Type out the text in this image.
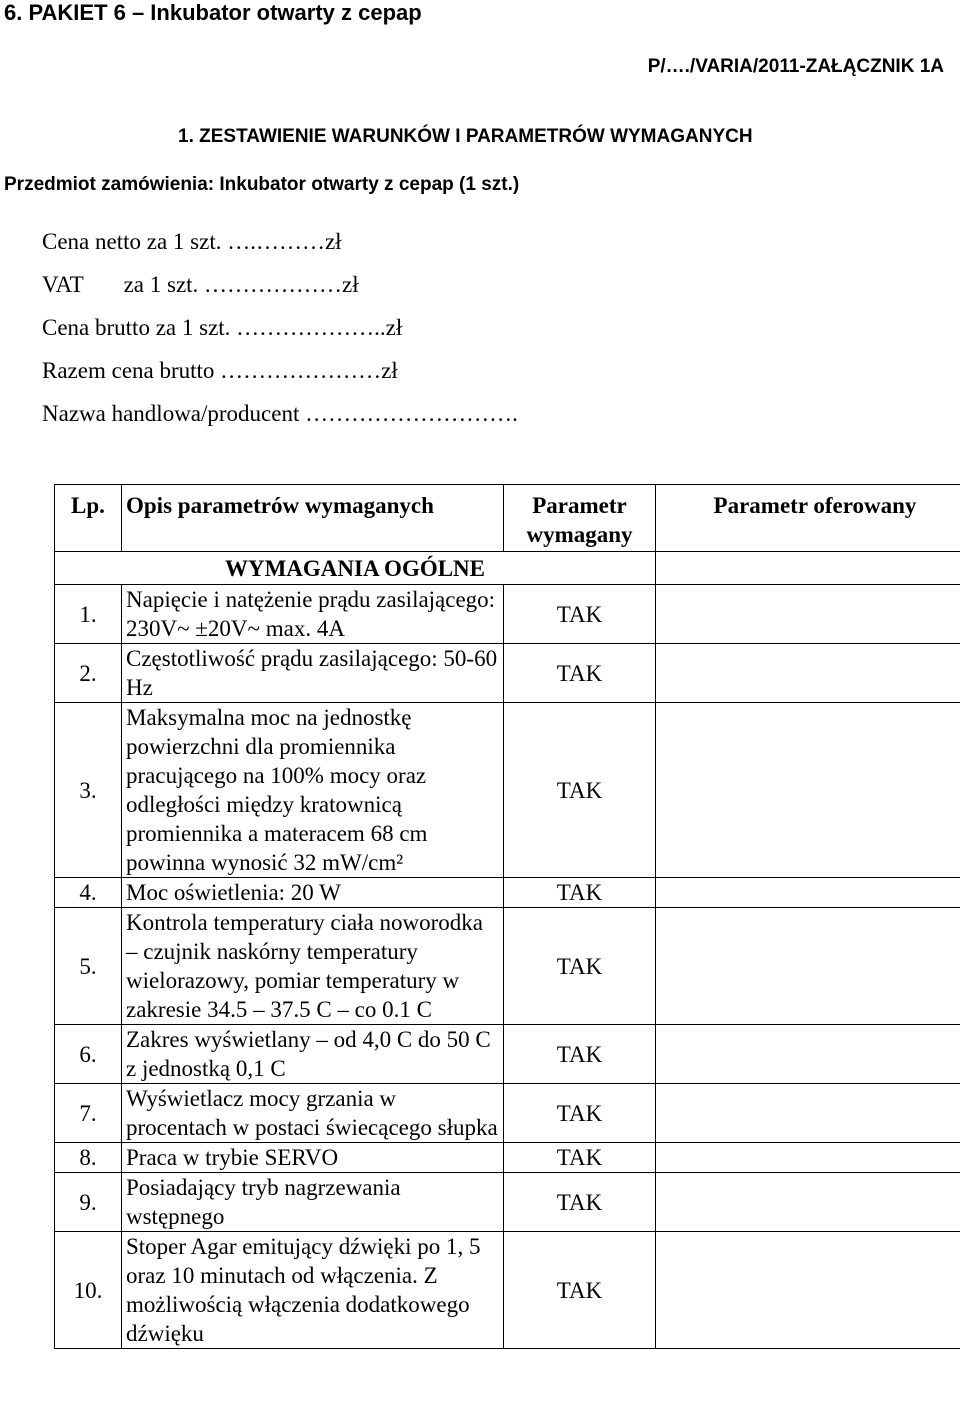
6. PAKIET 6 – Inkubator otwarty z cepap
P/…./VARIA/2011-ZAŁĄCZNIK 1A
1. ZESTAWIENIE WARUNKÓW I PARAMETRÓW WYMAGANYCH
Przedmiot zamówienia: Inkubator otwarty z cepap (1 szt.)
Cena netto za 1 szt. ….………zł
VAT       za 1 szt. ………………zł
Cena brutto za 1 szt. ………………..zł
Razem cena brutto …………………zł
Nazwa handlowa/producent ……………………….
Lp.	Opis parametrów wymaganych	Parametr wymagany	Parametr oferowany
WYMAGANIA OGÓLNE			
1.	Napięcie i natężenie prądu zasilającego: 230V~ ±20V~ max. 4A	TAK	
2.	Częstotliwość prądu zasilającego: 50-60 Hz	TAK	
3.	Maksymalna moc na jednostkę powierzchni dla promiennika pracującego na 100% mocy oraz odległości między kratownicą promiennika a materacem 68 cm powinna wynosić 32 mW/cm²	TAK	
4.	Moc oświetlenia: 20 W	TAK	
5.	Kontrola temperatury ciała noworodka – czujnik naskórny temperatury wielorazowy, pomiar temperatury w zakresie 34.5 – 37.5 C – co 0.1 C	TAK	
6.	Zakres wyświetlany – od 4,0 C do 50 C z jednostką 0,1 C	TAK	
7.	Wyświetlacz mocy grzania w procentach w postaci świecącego słupka	TAK	
8.	Praca w trybie SERVO	TAK	
9.	Posiadający tryb nagrzewania wstępnego	TAK	
10.	Stoper Agar emitujący dźwięki po 1, 5 oraz 10 minutach od włączenia. Z możliwością włączenia dodatkowego dźwięku	TAK	
